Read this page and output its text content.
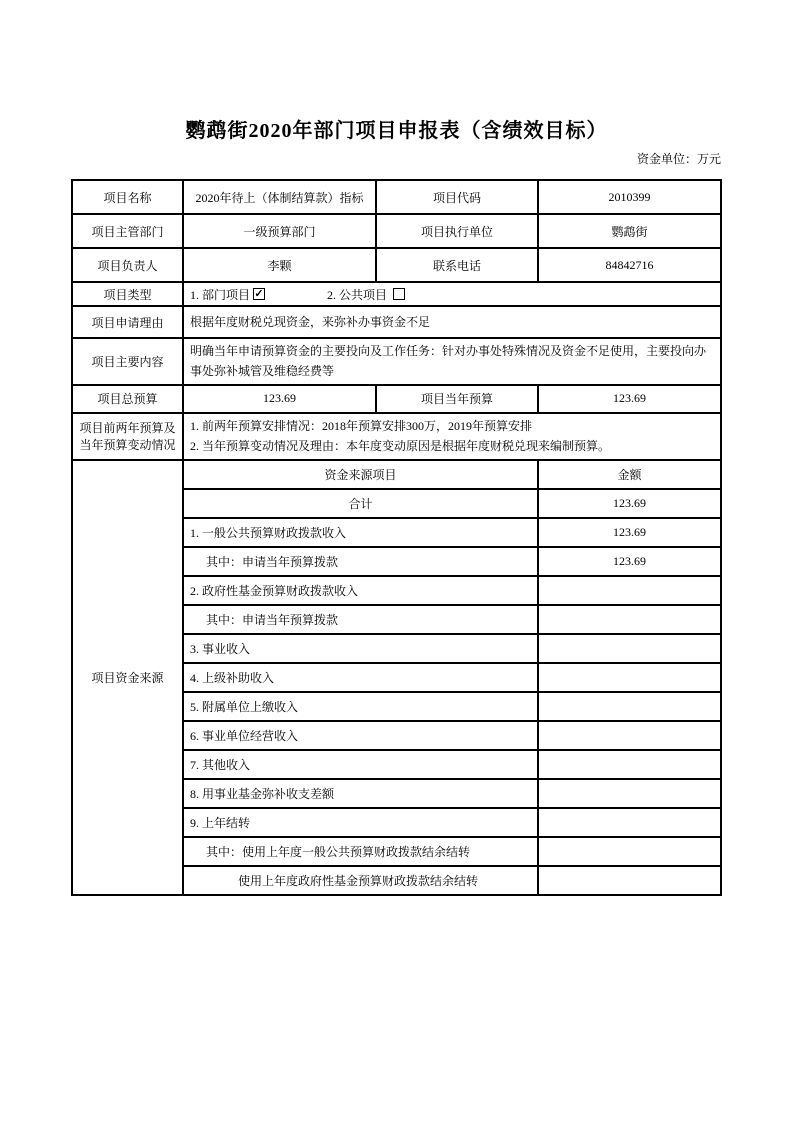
鹦鹉街2020年部门项目申报表（含绩效目标）
资金单位：万元
项目名称	2020年待上（体制结算款）指标	项目代码	2010399
项目主管部门	一级预算部门	项目执行单位	鹦鹉街
项目负责人	李颗	联系电话	84842716
项目类型	1. 部门项目 ✓ 2. 公共项目
项目申请理由	根据年度财税兑现资金，来弥补办事资金不足		
项目主要内容	明确当年申请预算资金的主要投向及工作任务：针对办事处特殊情况及资金不足使用，主要投向办事处弥补城管及维稳经费等		
项目总预算	123.69	项目当年预算	123.69
项目前两年预算及当年预算变动情况	1. 前两年预算安排情况：2018年预算安排300万，2019年预算安排
2. 当年预算变动情况及理由：本年度变动原因是根据年度财税兑现来编制预算。		

项目资金来源	资金来源项目		金额
	合计		123.69
	1. 一般公共预算财政拨款收入		123.69
	其中：申请当年预算拨款		123.69
	2. 政府性基金预算财政拨款收入		
	其中：申请当年预算拨款		
	3. 事业收入		
	4. 上级补助收入		
	5. 附属单位上缴收入		
	6. 事业单位经营收入		
	7. 其他收入		
	8. 用事业基金弥补收支差额		
	9. 上年结转		
	其中：使用上年度一般公共预算财政拨款结余结转		
	使用上年度政府性基金预算财政拨款结余结转		
